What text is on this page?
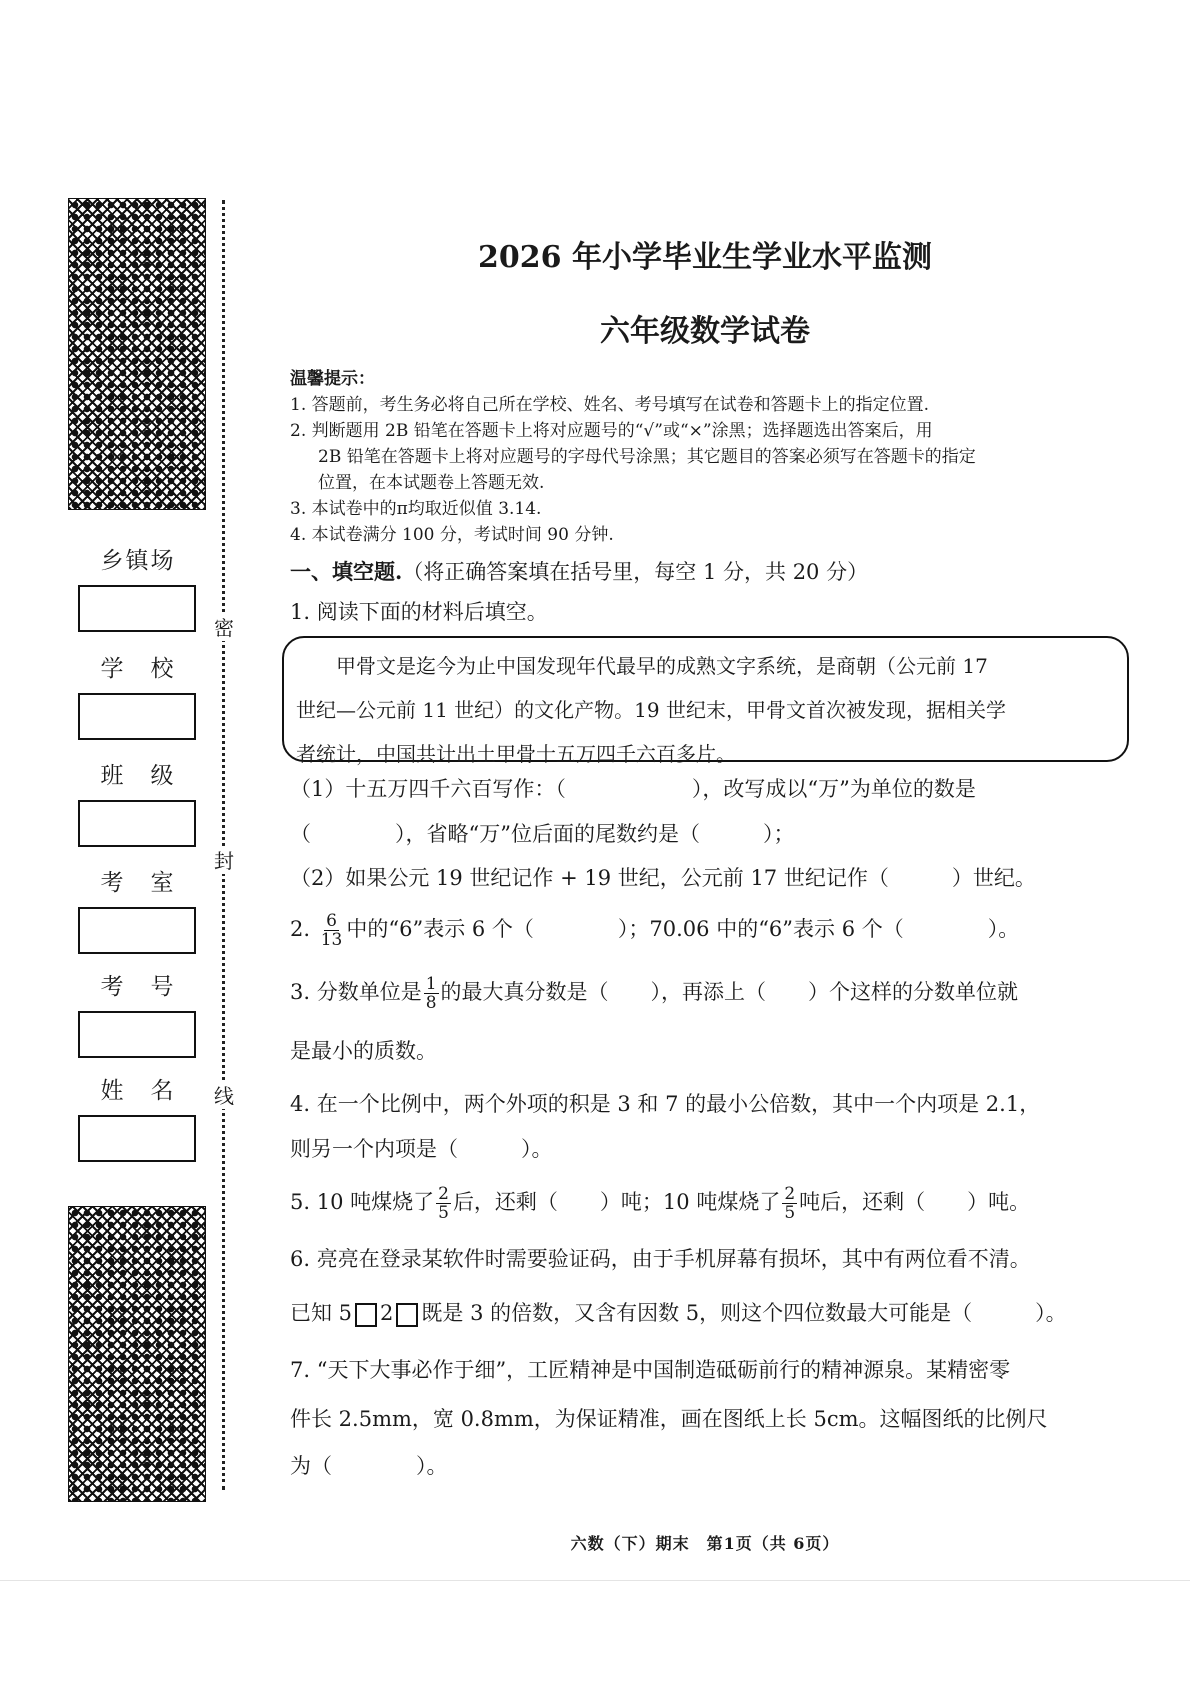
密
封
线
乡镇场
学　校
班　级
考　室
考　号
姓　名
2026 年小学毕业生学业水平监测
六年级数学试卷
温馨提示：
1. 答题前，考生务必将自己所在学校、姓名、考号填写在试卷和答题卡上的指定位置.
2. 判断题用 2B 铅笔在答题卡上将对应题号的“√”或“×”涂黑；选择题选出答案后，用
2B 铅笔在答题卡上将对应题号的字母代号涂黑；其它题目的答案必须写在答题卡的指定
位置，在本试题卷上答题无效.
3. 本试卷中的π均取近似值 3.14.
4. 本试卷满分 100 分，考试时间 90 分钟.
一、填空题.（将正确答案填在括号里，每空 1 分，共 20 分）
1. 阅读下面的材料后填空。

甲骨文是迄今为止中国发现年代最早的成熟文字系统，是商朝（公元前 17

世纪—公元前 11 世纪）的文化产物。19 世纪末，甲骨文首次被发现，据相关学
者统计，中国共计出土甲骨十五万四千六百多片。
（1）十五万四千六百写作：（　　　　　　），改写成以“万”为单位的数是
（　　　　），省略“万”位后面的尾数约是（　　　）；
（2）如果公元 19 世纪记作 + 19 世纪，公元前 17 世纪记作（　　　）世纪。
2. $\frac{6}{13}$ 中的“6”表示 6 个（　　　　）；70.06 中的“6”表示 6 个（　　　　）。
3. 分数单位是 $\frac{1}{8}$ 的最大真分数是（　　），再添上（　　）个这样的分数单位就
是最小的质数。
4. 在一个比例中，两个外项的积是 3 和 7 的最小公倍数，其中一个内项是 2.1，
则另一个内项是（　　　）。
5. 10 吨煤烧了 $\frac{2}{5}$ 后，还剩（　　）吨；10 吨煤烧了 $\frac{2}{5}$ 吨后，还剩（　　）吨。
6. 亮亮在登录某软件时需要验证码，由于手机屏幕有损坏，其中有两位看不清。
已知 5 2 既是 3 的倍数，又含有因数 5，则这个四位数最大可能是（　　　）。
7. “天下大事必作于细”，工匠精神是中国制造砥砺前行的精神源泉。某精密零
件长 2.5mm，宽 0.8mm，为保证精准，画在图纸上长 5cm。这幅图纸的比例尺
为（　　　　）。
六数（下）期末　第1页（共 6页）
